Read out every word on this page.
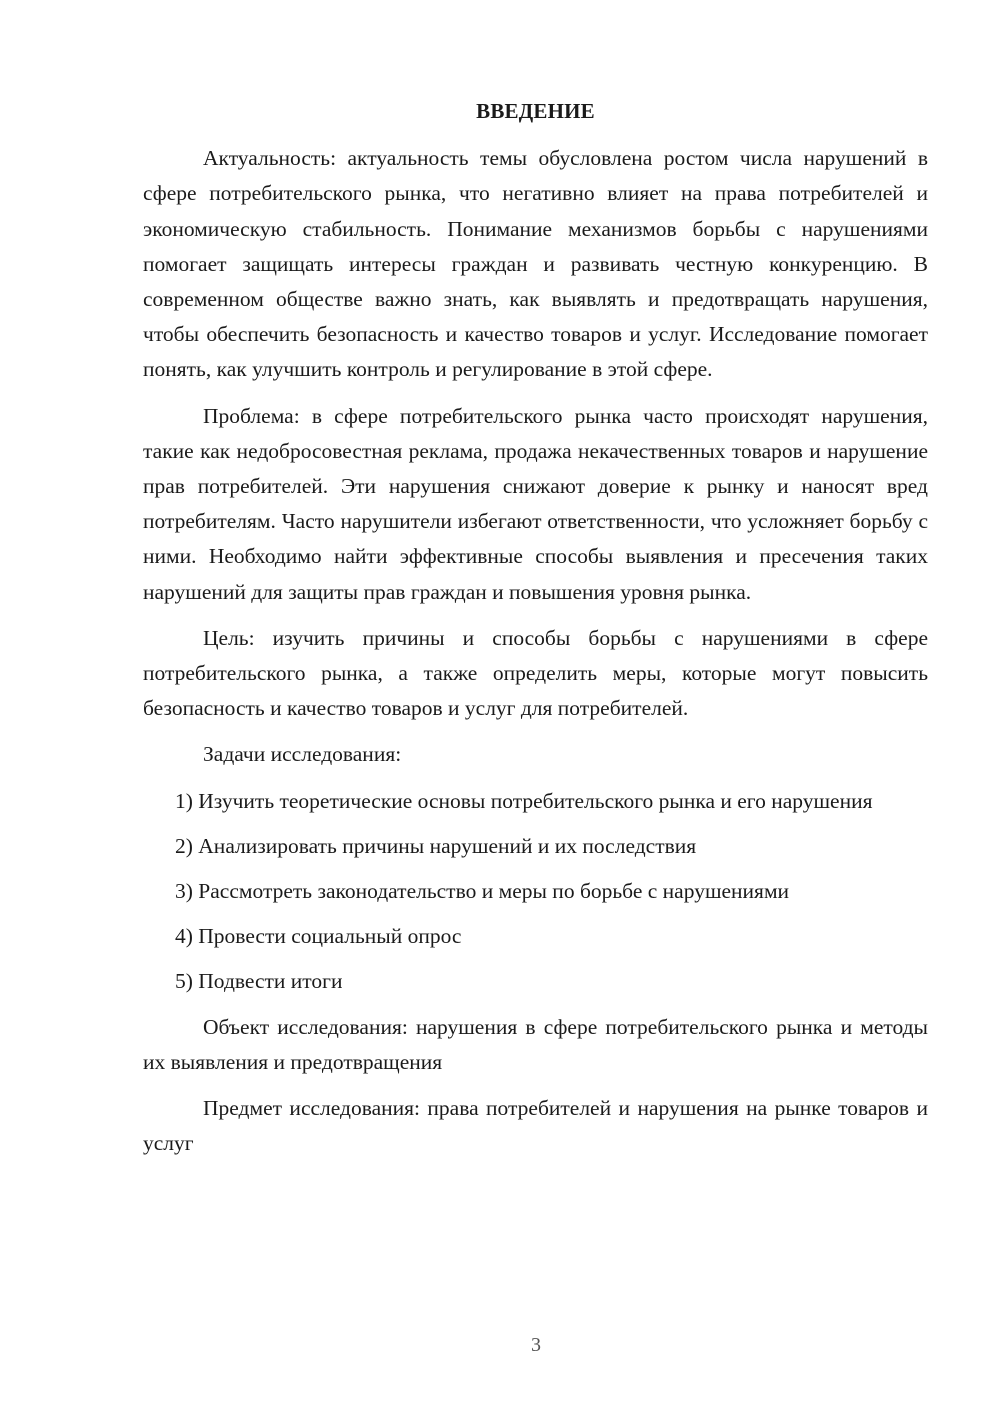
ВВЕДЕНИЕ

Актуальность: актуальность темы обусловлена ростом числа нарушений в сфере потребительского рынка, что негативно влияет на права потребителей и экономическую стабильность. Понимание механизмов борьбы с нарушениями помогает защищать интересы граждан и развивать честную конкуренцию. В современном обществе важно знать, как выявлять и предотвращать нарушения, чтобы обеспечить безопасность и качество товаров и услуг. Исследование помогает понять, как улучшить контроль и регулирование в этой сфере.

Проблема: в сфере потребительского рынка часто происходят нарушения, такие как недобросовестная реклама, продажа некачественных товаров и нарушение прав потребителей. Эти нарушения снижают доверие к рынку и наносят вред потребителям. Часто нарушители избегают ответственности, что усложняет борьбу с ними. Необходимо найти эффективные способы выявления и пресечения таких нарушений для защиты прав граждан и повышения уровня рынка.

Цель: изучить причины и способы борьбы с нарушениями в сфере потребительского рынка, а также определить меры, которые могут повысить безопасность и качество товаров и услуг для потребителей.

Задачи исследования:

1) Изучить теоретические основы потребительского рынка и его нарушения

2) Анализировать причины нарушений и их последствия

3) Рассмотреть законодательство и меры по борьбе с нарушениями

4) Провести социальный опрос

5) Подвести итоги

Объект исследования: нарушения в сфере потребительского рынка и методы их выявления и предотвращения

Предмет исследования: права потребителей и нарушения на рынке товаров и услуг

3
